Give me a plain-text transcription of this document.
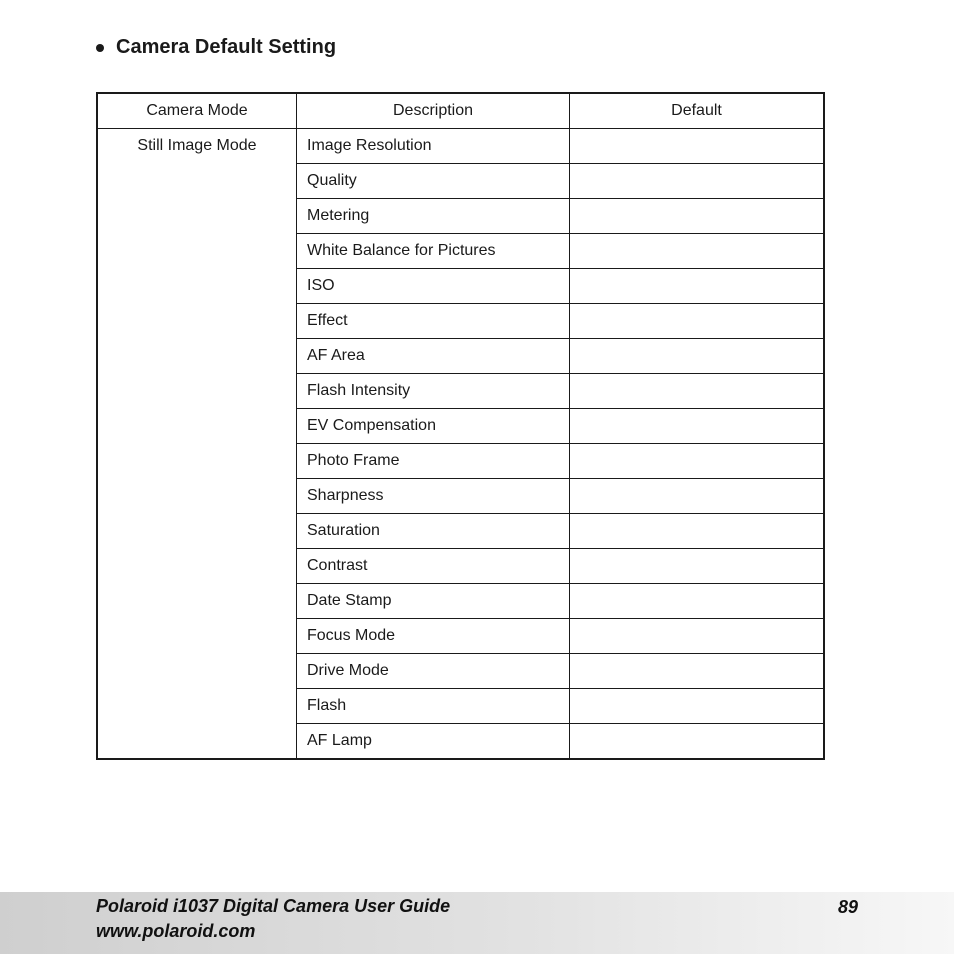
Camera Default Setting
Camera Mode	Description	Default
Still Image Mode	Image Resolution	
	Quality	
	Metering	
	White Balance for Pictures	
	ISO	
	Effect	
	AF Area	
	Flash Intensity	
	EV Compensation	
	Photo Frame	
	Sharpness	
	Saturation	
	Contrast	
	Date Stamp	
	Focus Mode	
	Drive Mode	
	Flash	
	AF Lamp	
Polaroid i1037 Digital Camera User Guide
www.polaroid.com
89
